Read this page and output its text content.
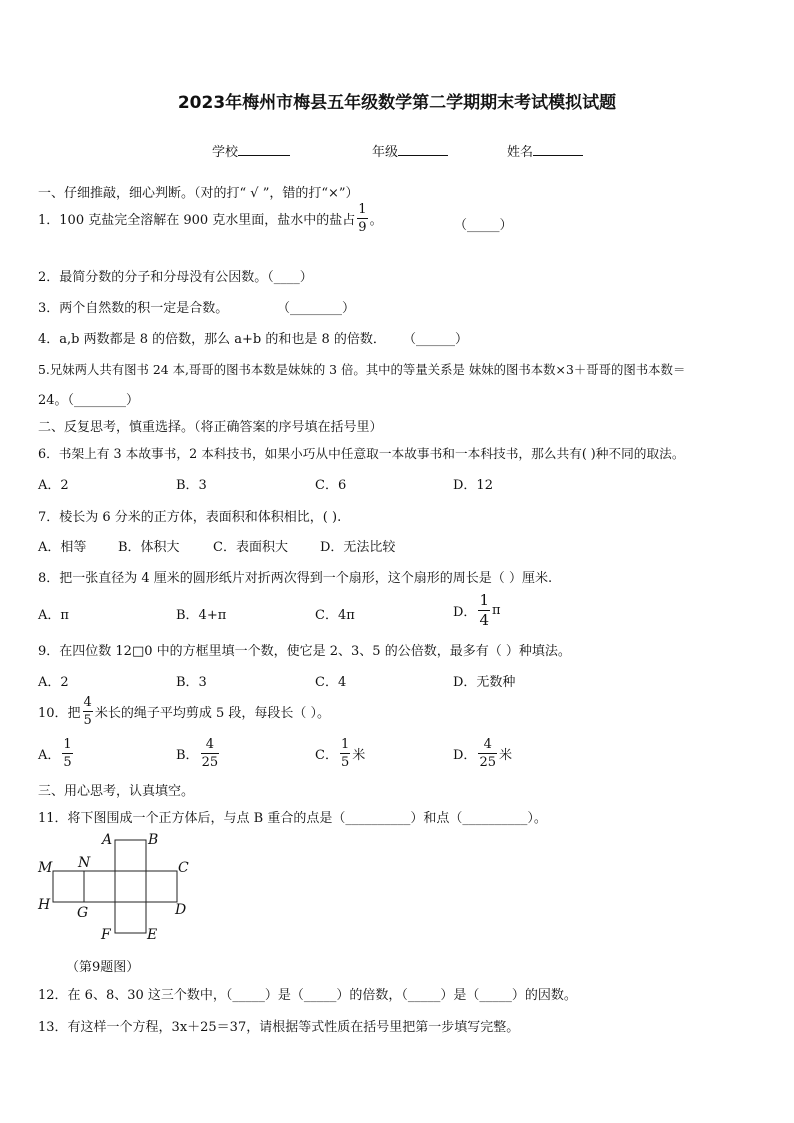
2023年梅州市梅县五年级数学第二学期期末考试模拟试题
学校	年级	姓名
一、仔细推敲，细心判断。（对的打“ √ ”，错的打“×”）
1．100 克盐完全溶解在 900 克水里面，盐水中的盐占 $\frac{1}{9}$ 。	（_____）
2．最简分数的分子和分母没有公因数。（____）
3．两个自然数的积一定是合数。	（________）
4．a,b 两数都是 8 的倍数，那么 a+b 的和也是 8 的倍数． （______）
5.兄妹两人共有图书 24 本,哥哥的图书本数是妹妹的 3 倍。其中的等量关系是 妹妹的图书本数×3＋哥哥的图书本数＝
24。（________）
二、反复思考，慎重选择。（将正确答案的序号填在括号里）
6．书架上有 3 本故事书，2 本科技书，如果小巧从中任意取一本故事书和一本科技书，那么共有( )种不同的取法。
A．2	B．3	C．6	D．12
7．棱长为 6 分米的正方体，表面积和体积相比，( ).
A．相等 B．体积大	C．表面积大 D．无法比较
8．把一张直径为 4 厘米的圆形纸片对折两次得到一个扇形，这个扇形的周长是（ ）厘米.
A．π	B．4+π	C．4π	D． $\frac{1}{4}$ π
9．在四位数 12□0 中的方框里填一个数，使它是 2、3、5 的公倍数，最多有（ ）种填法。
A．2	B．3	C．4	D．无数种
10．把 $\frac{4}{5}$ 米长的绳子平均剪成 5 段，每段长（ ）。
A． $\frac{1}{5}$	B． $\frac{4}{25}$	C． $\frac{1}{5}$ 米	D． $\frac{4}{25}$ 米
三、用心思考，认真填空。
11．将下图围成一个正方体后，与点 B 重合的点是（__________）和点（__________）。
A	B
M N	C
H G	D
F	E
（第9题图）
12．在 6、8、30 这三个数中，（_____）是（_____）的倍数，（_____）是（_____）的因数。
13．有这样一个方程，3x＋25＝37，请根据等式性质在括号里把第一步填写完整。
